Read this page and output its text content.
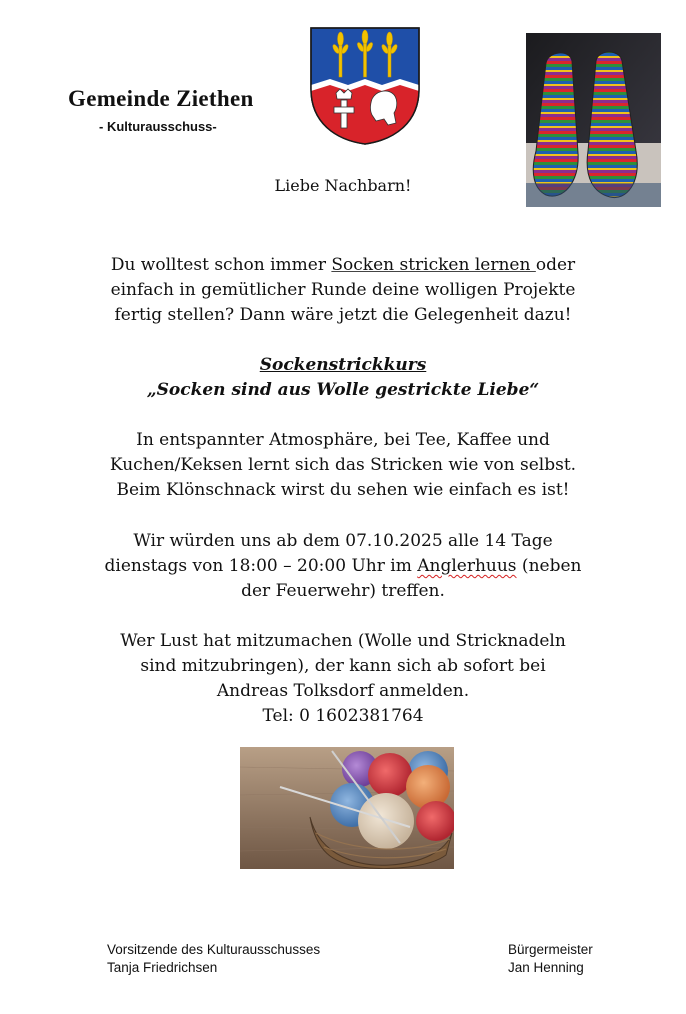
Gemeinde Ziethen
- Kulturausschuss-
Liebe Nachbarn!
Du wolltest schon immer Socken stricken lernen oder
einfach in gemütlicher Runde deine wolligen Projekte
fertig stellen? Dann wäre jetzt die Gelegenheit dazu!
Sockenstrickkurs
„Socken sind aus Wolle gestrickte Liebe“
In entspannter Atmosphäre, bei Tee, Kaffee und
Kuchen/Keksen lernt sich das Stricken wie von selbst.
Beim Klönschnack wirst du sehen wie einfach es ist!
Wir würden uns ab dem 07.10.2025 alle 14 Tage
dienstags von 18:00 – 20:00 Uhr im Anglerhuus (neben
der Feuerwehr) treffen.
Wer Lust hat mitzumachen (Wolle und Stricknadeln
sind mitzubringen), der kann sich ab sofort bei
Andreas Tolksdorf anmelden.
Tel: 0 1602381764
Vorsitzende des Kulturausschusses
Tanja Friedrichsen
Bürgermeister
Jan Henning
